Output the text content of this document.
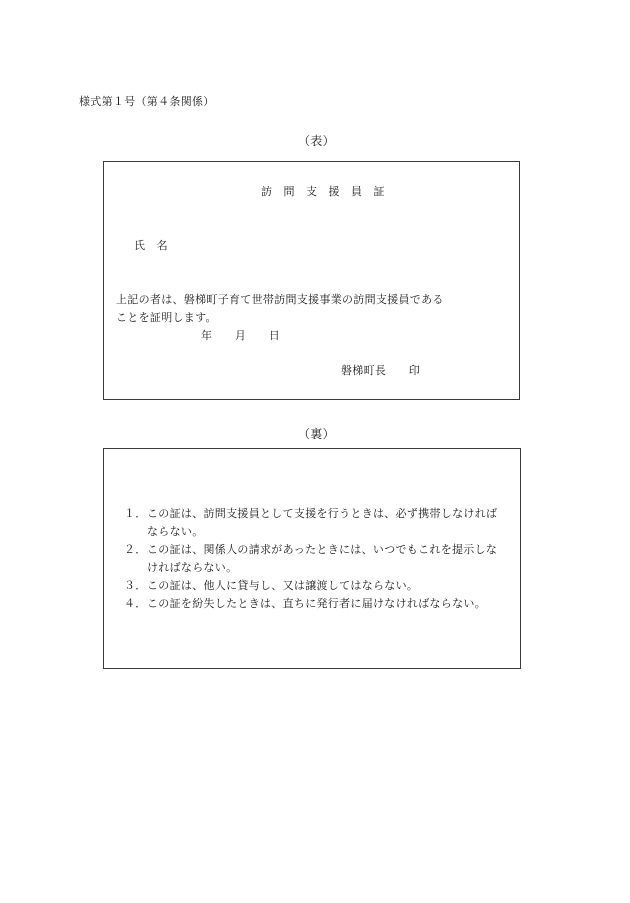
様式第１号（第４条関係）
（表）
訪 問 支 援 員 証
氏　名
上記の者は、磐梯町子育て世帯訪問支援事業の訪問支援員である
ことを証明します。
年　　月　　日
磐梯町長　　印
（裏）
１． この証は、訪問支援員として支援を行うときは、必ず携帯しなければ
ならない。
２． この証は、関係人の請求があったときには、いつでもこれを提示しな
ければならない。
３． この証は、他人に貸与し、又は譲渡してはならない。
４． この証を紛失したときは、直ちに発行者に届けなければならない。
